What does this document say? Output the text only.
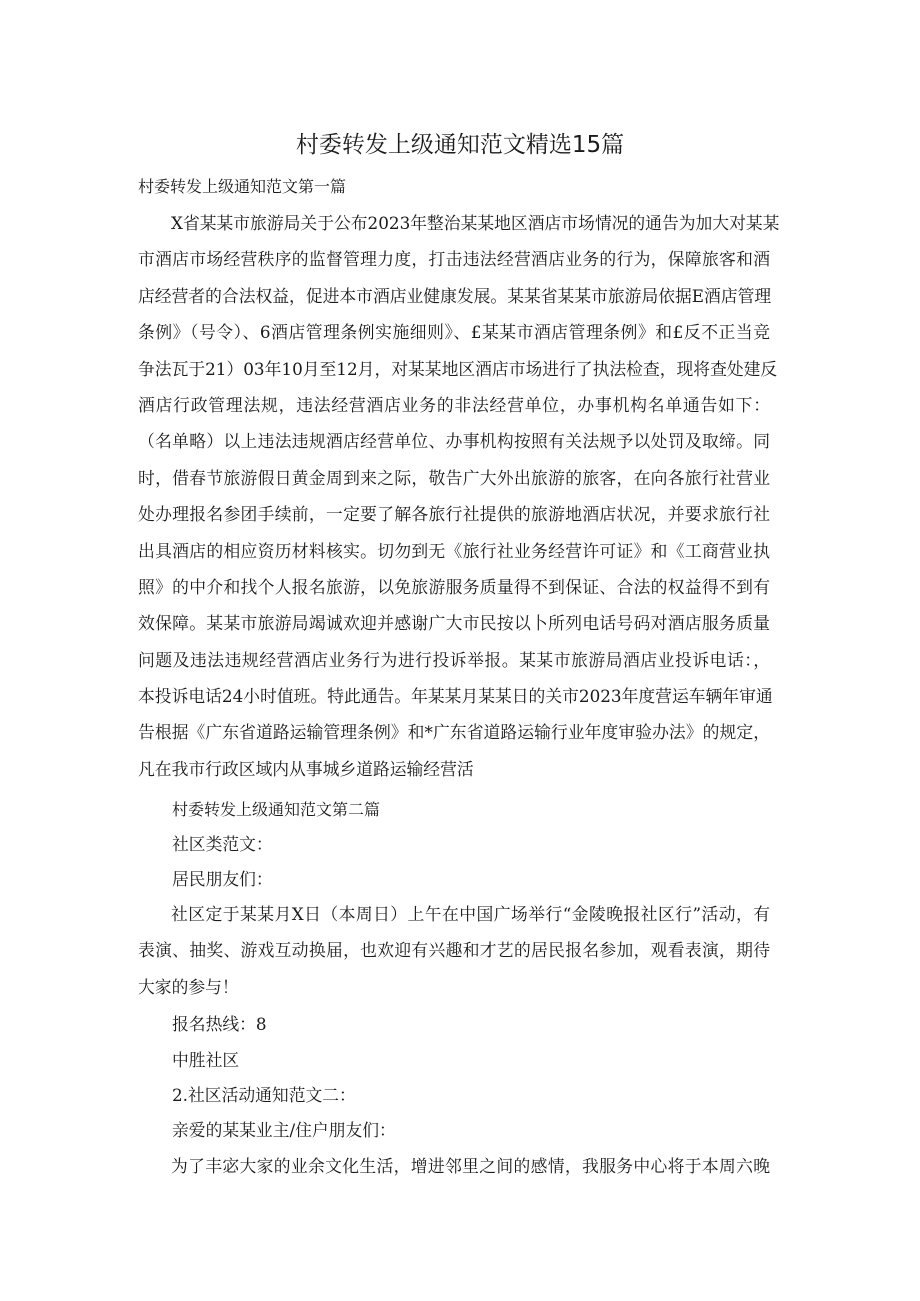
村委转发上级通知范文精选15篇

村委转发上级通知范文第一篇

X省某某市旅游局关于公布2023年整治某某地区酒店市场情况的通告为加大对某某
市酒店市场经营秩序的监督管理力度，打击违法经营酒店业务的行为，保障旅客和酒
店经营者的合法权益，促进本市酒店业健康发展。某某省某某市旅游局依据E酒店管理
条例》（号令）、6酒店管理条例实施细则》、£某某市酒店管理条例》和£反不正当竞
争法瓦于21）03年10月至12月，对某某地区酒店市场进行了执法检查，现将查处建反
酒店行政管理法规，违法经营酒店业务的非法经营单位，办事机构名单通告如下：
（名单略）以上违法违规酒店经营单位、办事机构按照有关法规予以处罚及取缔。同
时，借春节旅游假日黄金周到来之际，敬告广大外出旅游的旅客，在向各旅行社营业
处办理报名参团手续前，一定要了解各旅行社提供的旅游地酒店状况，并要求旅行社
出具酒店的相应资历材料核实。切勿到无《旅行社业务经营许可证》和《工商营业执
照》的中介和找个人报名旅游，以免旅游服务质量得不到保证、合法的权益得不到有
效保障。某某市旅游局竭诚欢迎并感谢广大市民按以卜所列电话号码对酒店服务质量
问题及违法违规经营酒店业务行为进行投诉举报。某某市旅游局酒店业投诉电话：，
本投诉电话24小时值班。特此通告。年某某月某某日的关市2023年度营运车辆年审通
告根据《广东省道路运输管理条例》和*广东省道路运输行业年度审验办法》的规定，
凡在我市行政区域内从事城乡道路运输经营活

村委转发上级通知范文第二篇

社区类范文：

居民朋友们：

社区定于某某月X日（本周日）上午在中国广场举行“金陵晚报社区行”活动，有
表演、抽奖、游戏互动换届，也欢迎有兴趣和才艺的居民报名参加，观看表演，期待
大家的参与！

报名热线：8

中胜社区

2.社区活动通知范文二：

亲爱的某某业主/住户朋友们：

为了丰宓大家的业余文化生活，增进邻里之间的感情，我服务中心将于本周六晚
